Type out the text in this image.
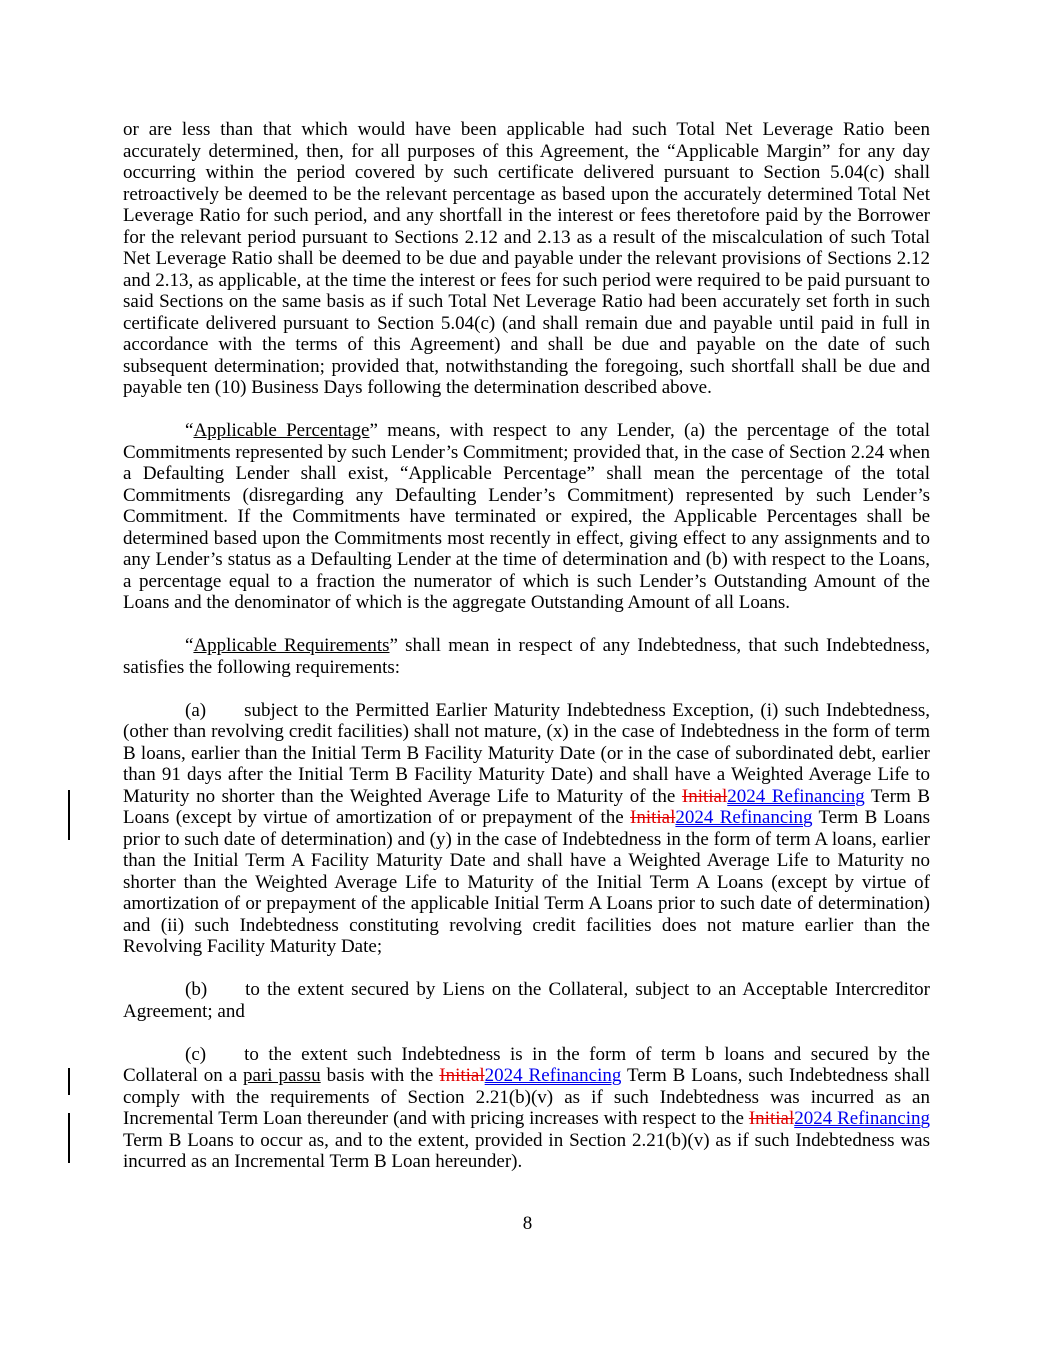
or are less than that which would have been applicable had such Total Net Leverage Ratio been accurately determined, then, for all purposes of this Agreement, the “Applicable Margin” for any day occurring within the period covered by such certificate delivered pursuant to Section 5.04(c) shall retroactively be deemed to be the relevant percentage as based upon the accurately determined Total Net Leverage Ratio for such period, and any shortfall in the interest or fees theretofore paid by the Borrower for the relevant period pursuant to Sections 2.12 and 2.13 as a result of the miscalculation of such Total Net Leverage Ratio shall be deemed to be due and payable under the relevant provisions of Sections 2.12 and 2.13, as applicable, at the time the interest or fees for such period were required to be paid pursuant to said Sections on the same basis as if such Total Net Leverage Ratio had been accurately set forth in such certificate delivered pursuant to Section 5.04(c) (and shall remain due and payable until paid in full in accordance with the terms of this Agreement) and shall be due and payable on the date of such subsequent determination; provided that, notwithstanding the foregoing, such shortfall shall be due and payable ten (10) Business Days following the determination described above.

“Applicable Percentage” means, with respect to any Lender, (a) the percentage of the total Commitments represented by such Lender’s Commitment; provided that, in the case of Section 2.24 when a Defaulting Lender shall exist, “Applicable Percentage” shall mean the percentage of the total Commitments (disregarding any Defaulting Lender’s Commitment) represented by such Lender’s Commitment. If the Commitments have terminated or expired, the Applicable Percentages shall be determined based upon the Commitments most recently in effect, giving effect to any assignments and to any Lender’s status as a Defaulting Lender at the time of determination and (b) with respect to the Loans, a percentage equal to a fraction the numerator of which is such Lender’s Outstanding Amount of the Loans and the denominator of which is the aggregate Outstanding Amount of all Loans.

“Applicable Requirements” shall mean in respect of any Indebtedness, that such Indebtedness, satisfies the following requirements:

(a) subject to the Permitted Earlier Maturity Indebtedness Exception, (i) such Indebtedness, (other than revolving credit facilities) shall not mature, (x) in the case of Indebtedness in the form of term B loans, earlier than the Initial Term B Facility Maturity Date (or in the case of subordinated debt, earlier than 91 days after the Initial Term B Facility Maturity Date) and shall have a Weighted Average Life to Maturity no shorter than the Weighted Average Life to Maturity of the Initial2024 Refinancing Term B Loans (except by virtue of amortization of or prepayment of the Initial2024 Refinancing Term B Loans prior to such date of determination) and (y) in the case of Indebtedness in the form of term A loans, earlier than the Initial Term A Facility Maturity Date and shall have a Weighted Average Life to Maturity no shorter than the Weighted Average Life to Maturity of the Initial Term A Loans (except by virtue of amortization of or prepayment of the applicable Initial Term A Loans prior to such date of determination) and (ii) such Indebtedness constituting revolving credit facilities does not mature earlier than the Revolving Facility Maturity Date;

(b) to the extent secured by Liens on the Collateral, subject to an Acceptable Intercreditor Agreement; and

(c) to the extent such Indebtedness is in the form of term b loans and secured by the Collateral on a pari passu basis with the Initial2024 Refinancing Term B Loans, such Indebtedness shall comply with the requirements of Section 2.21(b)(v) as if such Indebtedness was incurred as an Incremental Term Loan thereunder (and with pricing increases with respect to the Initial2024 Refinancing Term B Loans to occur as, and to the extent, provided in Section 2.21(b)(v) as if such Indebtedness was incurred as an Incremental Term B Loan hereunder).

8
